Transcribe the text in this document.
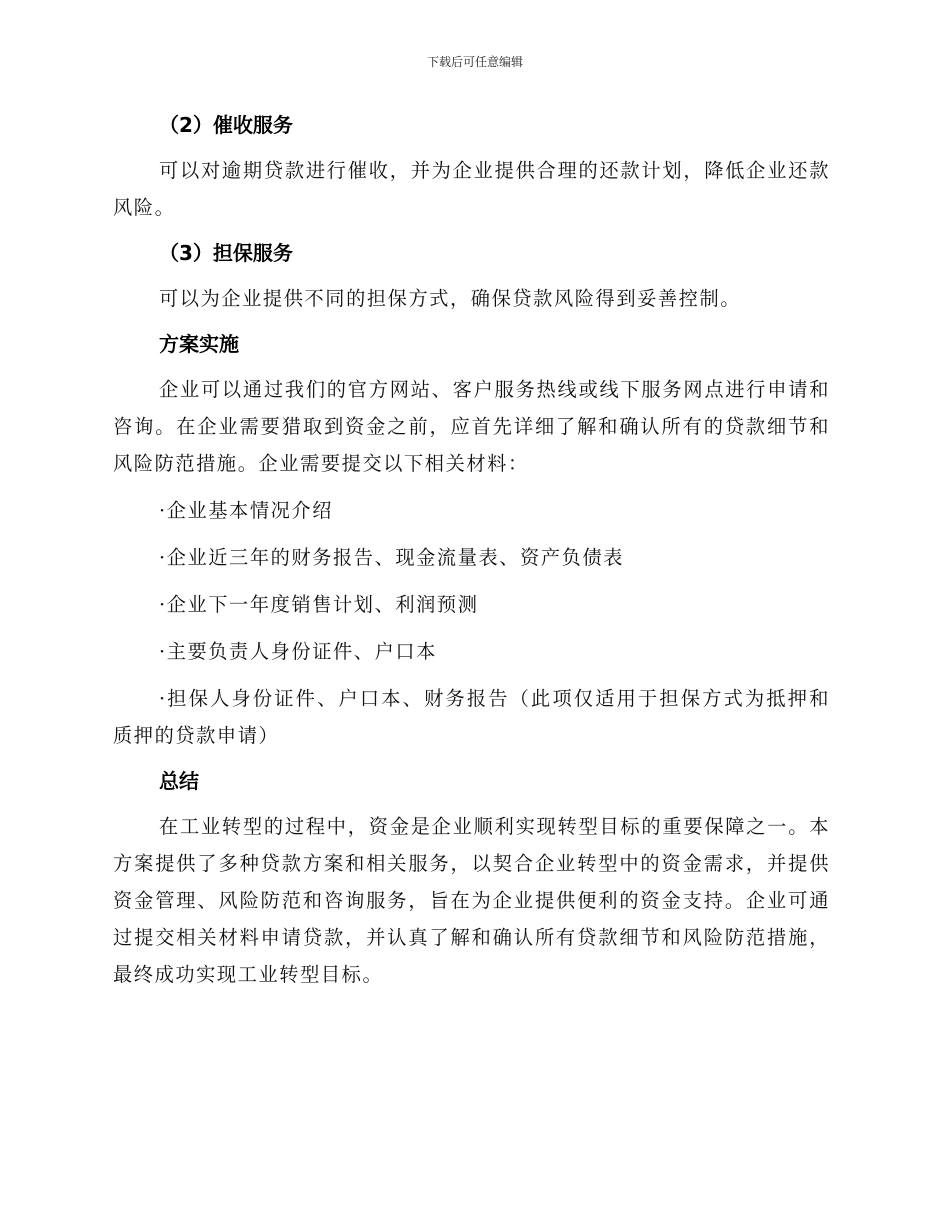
下载后可任意编辑
（2）催收服务

可以对逾期贷款进行催收，并为企业提供合理的还款计划，降低企业还款风险。

（3）担保服务

可以为企业提供不同的担保方式，确保贷款风险得到妥善控制。

方案实施

企业可以通过我们的官方网站、客户服务热线或线下服务网点进行申请和咨询。在企业需要猎取到资金之前，应首先详细了解和确认所有的贷款细节和风险防范措施。企业需要提交以下相关材料：

·企业基本情况介绍

·企业近三年的财务报告、现金流量表、资产负债表

·企业下一年度销售计划、利润预测

·主要负责人身份证件、户口本

·担保人身份证件、户口本、财务报告（此项仅适用于担保方式为抵押和质押的贷款申请）

总结

在工业转型的过程中，资金是企业顺利实现转型目标的重要保障之一。本方案提供了多种贷款方案和相关服务，以契合企业转型中的资金需求，并提供资金管理、风险防范和咨询服务，旨在为企业提供便利的资金支持。企业可通过提交相关材料申请贷款，并认真了解和确认所有贷款细节和风险防范措施，最终成功实现工业转型目标。
